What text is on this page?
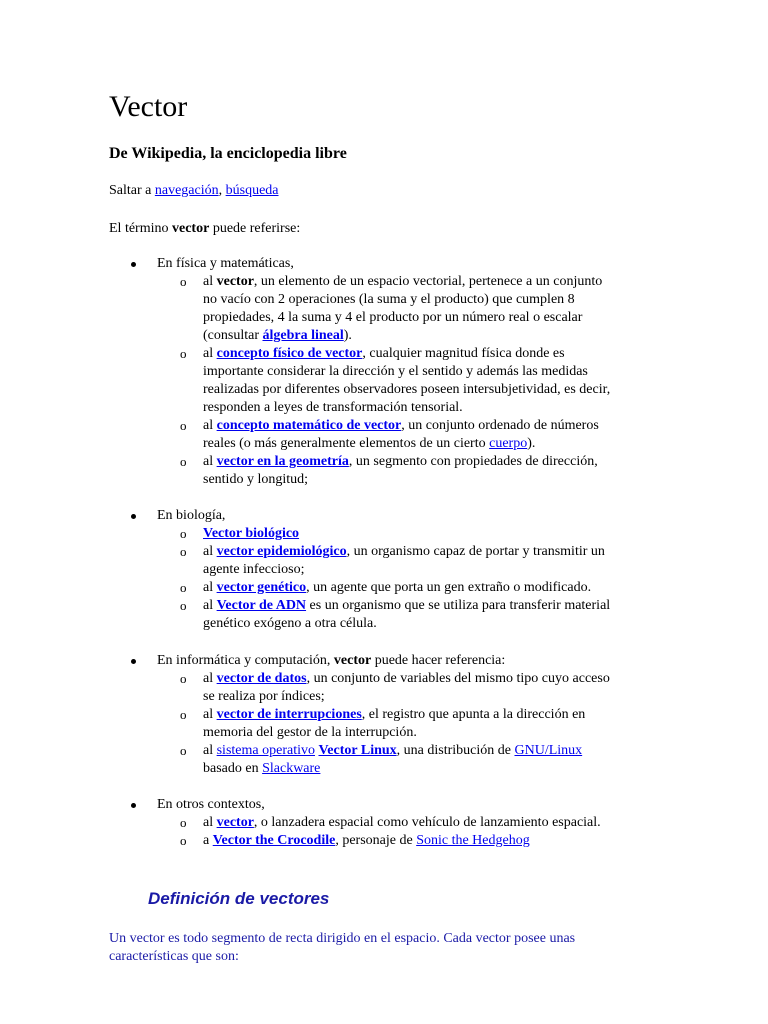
Vector
De Wikipedia, la enciclopedia libre
Saltar a navegación, búsqueda
El término vector puede referirse:
En física y matemáticas,
o al vector, un elemento de un espacio vectorial, pertenece a un conjunto
no vacío con 2 operaciones (la suma y el producto) que cumplen 8
propiedades, 4 la suma y 4 el producto por un número real o escalar
(consultar álgebra lineal).
o al concepto físico de vector, cualquier magnitud física donde es
importante considerar la dirección y el sentido y además las medidas
realizadas por diferentes observadores poseen intersubjetividad, es decir,
responden a leyes de transformación tensorial.
o al concepto matemático de vector, un conjunto ordenado de números
reales (o más generalmente elementos de un cierto cuerpo).
o al vector en la geometría, un segmento con propiedades de dirección,
sentido y longitud;
En biología,
o Vector biológico
o al vector epidemiológico, un organismo capaz de portar y transmitir un
agente infeccioso;
o al vector genético, un agente que porta un gen extraño o modificado.
o al Vector de ADN es un organismo que se utiliza para transferir material
genético exógeno a otra célula.
En informática y computación, vector puede hacer referencia:
o al vector de datos, un conjunto de variables del mismo tipo cuyo acceso
se realiza por índices;
o al vector de interrupciones, el registro que apunta a la dirección en
memoria del gestor de la interrupción.
o al sistema operativo Vector Linux, una distribución de GNU/Linux
basado en Slackware
En otros contextos,
o al vector, o lanzadera espacial como vehículo de lanzamiento espacial.
o a Vector the Crocodile, personaje de Sonic the Hedgehog
Definición de vectores
Un vector es todo segmento de recta dirigido en el espacio. Cada vector posee unas
características que son:
